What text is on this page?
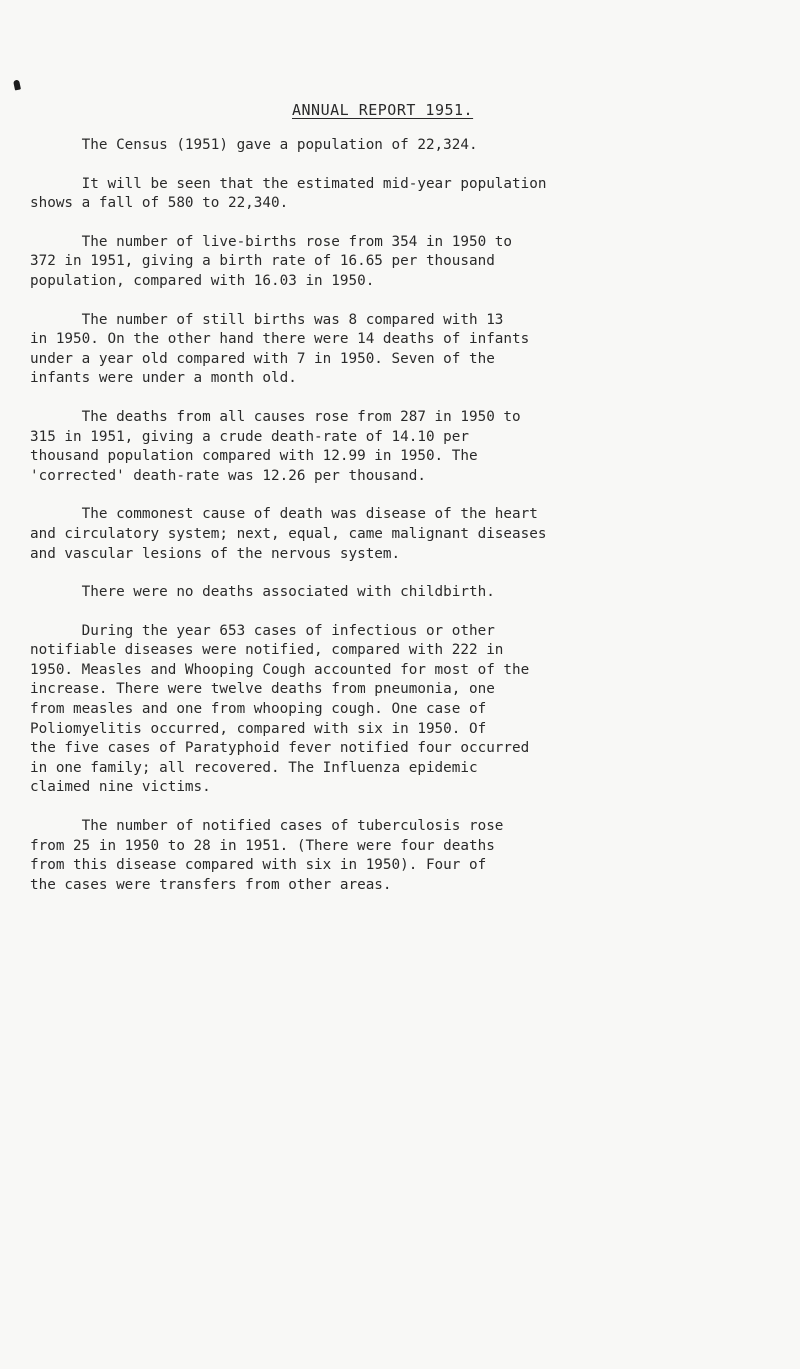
ANNUAL REPORT 1951.

The Census (1951) gave a population of 22,324.

It will be seen that the estimated mid-year population
shows a fall of 580 to 22,340.

The number of live-births rose from 354 in 1950 to
372 in 1951, giving a birth rate of 16.65 per thousand
population, compared with 16.03 in 1950.

The number of still births was 8 compared with 13
in 1950. On the other hand there were 14 deaths of infants
under a year old compared with 7 in 1950. Seven of the
infants were under a month old.

The deaths from all causes rose from 287 in 1950 to
315 in 1951, giving a crude death-rate of 14.10 per
thousand population compared with 12.99 in 1950. The
'corrected' death-rate was 12.26 per thousand.

The commonest cause of death was disease of the heart
and circulatory system; next, equal, came malignant diseases
and vascular lesions of the nervous system.

There were no deaths associated with childbirth.

During the year 653 cases of infectious or other
notifiable diseases were notified, compared with 222 in
1950. Measles and Whooping Cough accounted for most of the
increase. There were twelve deaths from pneumonia, one
from measles and one from whooping cough. One case of
Poliomyelitis occurred, compared with six in 1950. Of
the five cases of Paratyphoid fever notified four occurred
in one family; all recovered. The Influenza epidemic
claimed nine victims.

The number of notified cases of tuberculosis rose
from 25 in 1950 to 28 in 1951. (There were four deaths
from this disease compared with six in 1950). Four of
the cases were transfers from other areas.
